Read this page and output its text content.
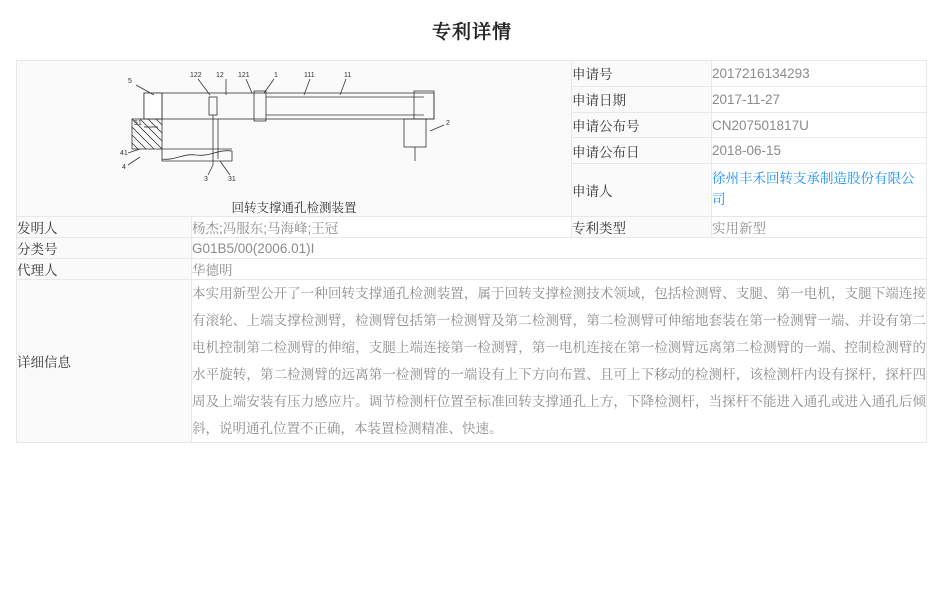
专利详情
5
122 12 121	1	111	11
51
41
4
3	31
2
回转支撑通孔检测装置
	申请号	2017216134293
		申请日期	2017-11-27
		申请公布号	CN207501817U
		申请公布日	2018-06-15
		申请人	徐州丰禾回转支承制造股份有限公司
发明人	杨杰;冯服东;马海峰;王冠	专利类型	实用新型
分类号	G01B5/00(2006.01)I		
代理人	华德明		
详细信息	本实用新型公开了一种回转支撑通孔检测装置，属于回转支撑检测技术领域，包括检测臂、支腿、第一电机，支腿下端连接有滚轮、上端支撑检测臂，检测臂包括第一检测臂及第二检测臂，第二检测臂可伸缩地套装在第一检测臂一端、并设有第二电机控制第二检测臂的伸缩，支腿上端连接第一检测臂，第一电机连接在第一检测臂远离第二检测臂的一端、控制检测臂的水平旋转，第二检测臂的远离第一检测臂的一端设有上下方向布置、且可上下移动的检测杆，该检测杆内设有探杆，探杆四周及上端安装有压力感应片。调节检测杆位置至标准回转支撑通孔上方，下降检测杆，当探杆不能进入通孔或进入通孔后倾斜，说明通孔位置不正确，本装置检测精准、快速。		
